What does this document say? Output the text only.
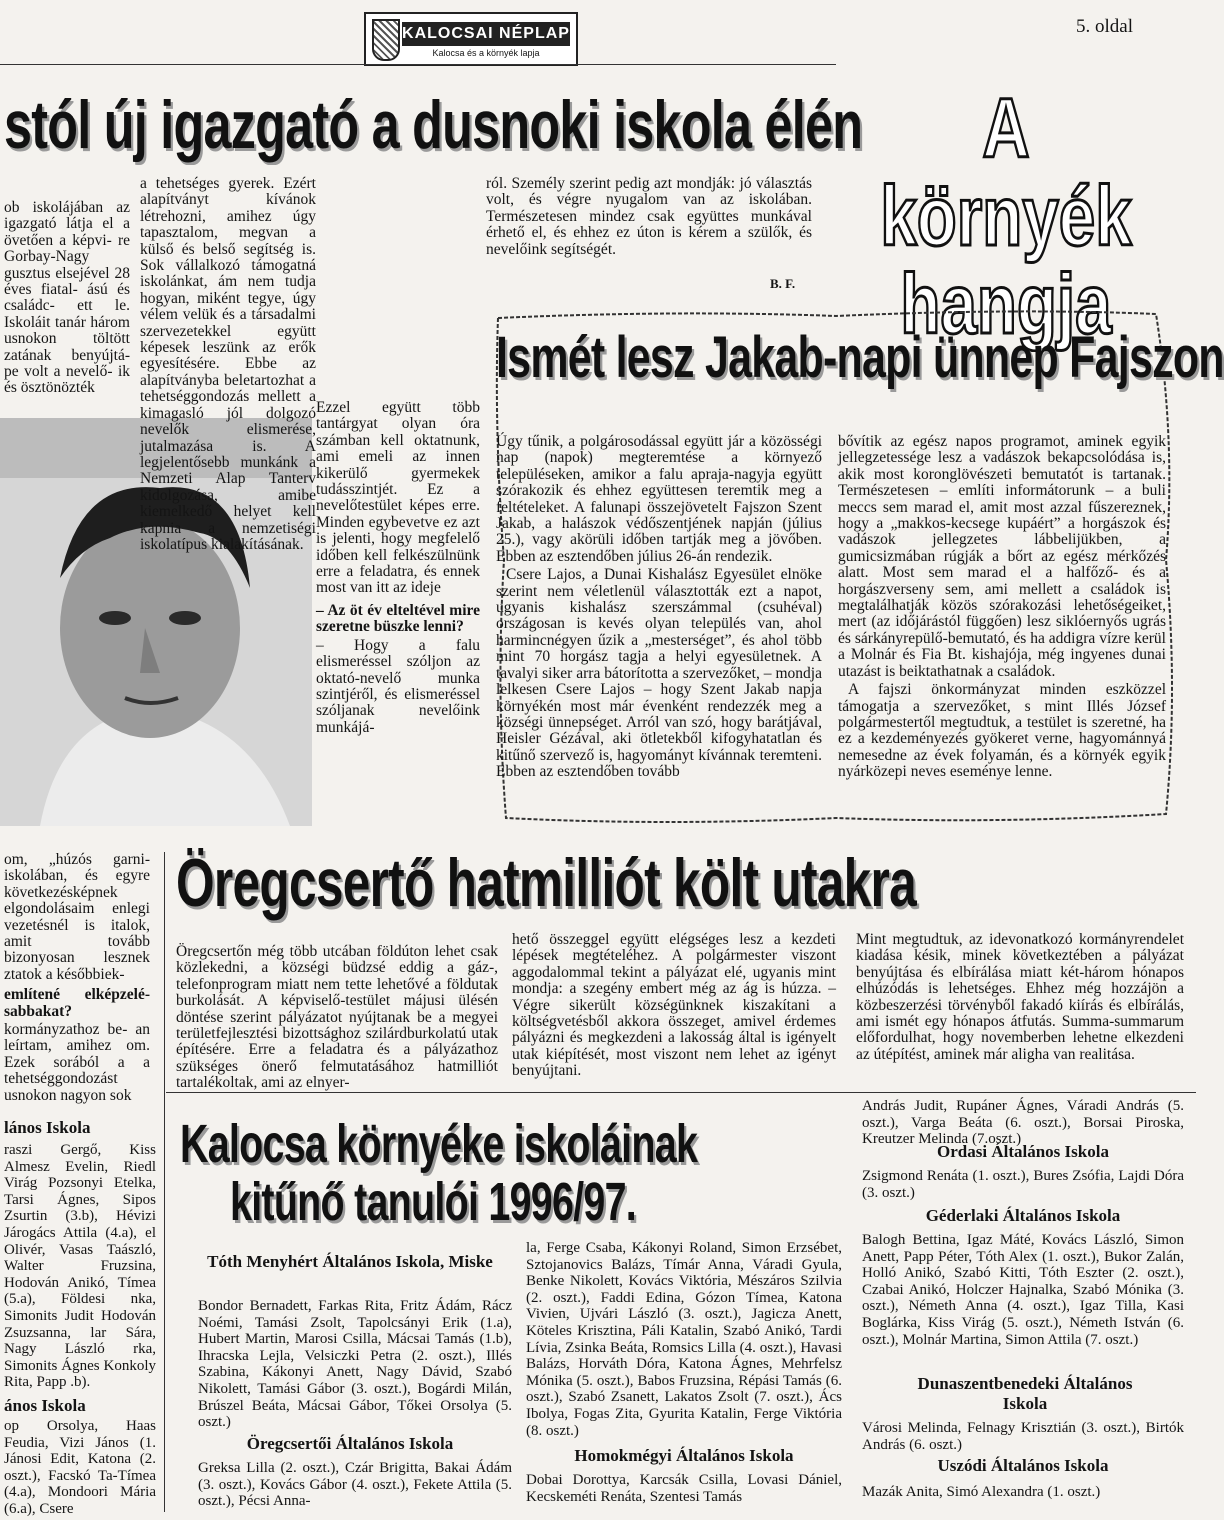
KALOCSAI NÉPLAP
Kalocsa és a környék lapja
5. oldal
stól új igazgató a dusnoki iskola élén	A környék hangja

ob iskolájában az igazgató látja el a övetően a képvi- re Gorbay-Nagy gusztus elsejével 28 éves fiatal- ású és családc- ett le. Iskoláit tanár három usnokon töltött zatának benyújtá- pe volt a nevelő- ik és ösztönözték

a tehetséges gyerek. Ezért alapítványt kívánok létrehozni, amihez úgy tapasztalom, megvan a külső és belső segítség is. Sok vállalkozó támogatná iskolánkat, ám nem tudja hogyan, miként tegye, úgy vélem velük és a társadalmi szervezetekkel együtt képesek leszünk az erők egyesítésére. Ebbe az alapítványba beletartozhat a tehetséggondozás mellett a kimagasló jól dolgozó nevelők elismerése, jutalmazása is. A legjelentősebb munkánk a Nemzeti Alap Tanterv kidolgozása, amibe kiemelkedő helyet kell kapnia a nemzetiségi iskolatípus kialakításának.

Ezzel együtt több tantárgyat olyan óra számban kell oktatnunk, ami emeli az innen kikerülő gyermekek tudásszintjét. Ez a nevelőtestület képes erre. Minden egybevetve ez azt is jelenti, hogy megfelelő időben kell felkészülnünk erre a feladatra, és ennek most van itt az ideje

– Az öt év elteltével mire szeretne büszke lenni?

– Hogy a falu elismeréssel szóljon az oktató-nevelő munka szintjéről, és elismeréssel szóljanak nevelőink munkájá-

ról. Személy szerint pedig azt mondják: jó választás volt, és végre nyugalom van az iskolában. Természetesen mindez csak együttes munkával érhető el, és ehhez ez úton is kérem a szülők, és nevelőink segítségét.

B. F.
Ismét lesz Jakab-napi ünnep Fajszon

Úgy tűnik, a polgárosodással együtt jár a közösségi nap (napok) megteremtése a környező településeken, amikor a falu apraja-nagyja együtt szórakozik és ehhez együttesen teremtik meg a feltételeket. A falunapi összejövetelt Fajszon Szent Jakab, a halászok védőszentjének napján (július 25.), vagy akörüli időben tartják meg a jövőben. Ebben az esztendőben július 26-án rendezik.

Csere Lajos, a Dunai Kishalász Egyesület elnöke szerint nem véletlenül választották ezt a napot, ugyanis kishalász szerszámmal (csuhéval) országosan is kevés olyan település van, ahol harmincnégyen űzik a „mesterséget”, és ahol több mint 70 horgász tagja a helyi egyesületnek. A tavalyi siker arra bátorította a szervezőket, – mondja lelkesen Csere Lajos – hogy Szent Jakab napja környékén most már évenként rendezzék meg a községi ünnepséget. Arról van szó, hogy barátjával, Heisler Gézával, aki ötletekből kifogyhatatlan és kitűnő szervező is, hagyományt kívánnak teremteni. Ebben az esztendőben tovább

bővítik az egész napos programot, aminek egyik jellegzetessége lesz a vadászok bekapcsolódása is, akik most koronglövészeti bemutatót is tartanak. Természetesen – említi informátorunk – a buli meccs sem marad el, amit most azzal fűszereznek, hogy a „makkos-kecsege kupáért” a horgászok és vadászok jellegzetes lábbelijükben, a gumicsizmában rúgják a bőrt az egész mérkőzés alatt. Most sem marad el a halfőző- és a horgászverseny sem, ami mellett a családok is megtalálhatják közös szórakozási lehetőségeiket, mert (az időjárástól függően) lesz siklóernyős ugrás és sárkányrepülő-bemutató, és ha addigra vízre kerül a Molnár és Fia Bt. kishajója, még ingyenes dunai utazást is beiktathatnak a családok.

A fajszi önkormányzat minden eszközzel támogatja a szervezőket, s mint Illés József polgármestertől megtudtuk, a testület is szeretné, ha ez a kezdeményezés gyökeret verne, hagyománnyá nemesedne az évek folyamán, és a környék egyik nyárközepi neves eseménye lenne.

om, „húzós garni- iskolában, és egyre következésképnek elgondolásaim enlegi vezetésnél is italok, amit tovább bizonyosan lesznek ztatok a későbbiek-

említené elképzelé- sabbakat?

kormányzathoz be- an leírtam, amihez om. Ezek sorából a a tehetséggondozást usnokon nagyon sok

Öregcsertő hatmilliót költ utakra

Öregcsertőn még több utcában földúton lehet csak közlekedni, a községi büdzsé eddig a gáz-, telefonprogram miatt nem tette lehetővé a földutak burkolását. A képviselő-testület májusi ülésén döntése szerint pályázatot nyújtanak be a megyei területfejlesztési bizottsághoz szilárdburkolatú utak építésére. Erre a feladatra és a pályázathoz szükséges önerő felmutatásához hatmilliót tartalékoltak, ami az elnyer-

hető összeggel együtt elégséges lesz a kezdeti lépések megtételéhez. A polgármester viszont aggodalommal tekint a pályázat elé, ugyanis mint mondja: a szegény embert még az ág is húzza. – Végre sikerült községünknek kiszakítani a költségvetésből akkora összeget, amivel érdemes pályázni és megkezdeni a lakosság által is igényelt utak kiépítését, most viszont nem lehet az igényt benyújtani.

Mint megtudtuk, az idevonatkozó kormányrendelet kiadása késik, minek következtében a pályázat benyújtása és elbírálása miatt két-három hónapos elhúzódás is lehetséges. Ehhez még hozzájön a közbeszerzési törvényből fakadó kiírás és elbírálás, ami ismét egy hónapos átfutás. Summa-summarum előfordulhat, hogy novemberben lehetne elkezdeni az útépítést, aminek már aligha van realitása.

Kalocsa környéke iskoláinak
kitűnő tanulói 1996/97.
lános Iskola
raszi Gergő, Kiss Almesz Evelin, Riedl Virág Pozsonyi Etelka, Tarsi Ágnes, Sipos Zsurtin (3.b), Hévizi Járogács Attila (4.a), el Olivér, Vasas Taászló, Walter Fruzsina, Hodován Anikó, Tímea (5.a), Földesi nka, Simonits Judit Hodován Zsuzsanna, lar Sára, Nagy László rka, Simonits Ágnes Konkoly Rita, Papp .b).
ános Iskola
op Orsolya, Haas Feudia, Vizi János (1. Jánosi Edit, Katona (2. oszt.), Facskó Ta-Tímea (4.a), Mondoori Mária (6.a), Csere
Tóth Menyhért Általános Iskola, Miske
Bondor Bernadett, Farkas Rita, Fritz Ádám, Rácz Noémi, Tamási Zsolt, Tapolcsányi Erik (1.a), Hubert Martin, Marosi Csilla, Mácsai Tamás (1.b), Ihracska Lejla, Velsiczki Petra (2. oszt.), Illés Szabina, Kákonyi Anett, Nagy Dávid, Szabó Nikolett, Tamási Gábor (3. oszt.), Bogárdi Milán, Brúszel Beáta, Mácsai Gábor, Tőkei Orsolya (5. oszt.)
Öregcsertői Általános Iskola
Greksa Lilla (2. oszt.), Czár Brigitta, Bakai Ádám (3. oszt.), Kovács Gábor (4. oszt.), Fekete Attila (5. oszt.), Pécsi Anna-
la, Ferge Csaba, Kákonyi Roland, Simon Erzsébet, Sztojanovics Balázs, Tímár Anna, Váradi Gyula, Benke Nikolett, Kovács Viktória, Mészáros Szilvia (2. oszt.), Faddi Edina, Gózon Tímea, Katona Vivien, Ujvári László (3. oszt.), Jagicza Anett, Köteles Krisztina, Páli Katalin, Szabó Anikó, Tardi Lívia, Zsinka Beáta, Romsics Lilla (4. oszt.), Havasi Balázs, Horváth Dóra, Katona Ágnes, Mehrfelsz Mónika (5. oszt.), Babos Fruzsina, Répási Tamás (6. oszt.), Szabó Zsanett, Lakatos Zsolt (7. oszt.), Ács Ibolya, Fogas Zita, Gyurita Katalin, Ferge Viktória (8. oszt.)
Homokmégyi Általános Iskola
Dobai Dorottya, Karcsák Csilla, Lovasi Dániel, Kecskeméti Renáta, Szentesi Tamás
András Judit, Rupáner Ágnes, Váradi András (5. oszt.), Varga Beáta (6. oszt.), Borsai Piroska, Kreutzer Melinda (7.oszt.)
Ordasi Általános Iskola
Zsigmond Renáta (1. oszt.), Bures Zsófia, Lajdi Dóra (3. oszt.)
Géderlaki Általános Iskola
Balogh Bettina, Igaz Máté, Kovács László, Simon Anett, Papp Péter, Tóth Alex (1. oszt.), Bukor Zalán, Holló Anikó, Szabó Kitti, Tóth Eszter (2. oszt.), Czabai Anikó, Holczer Hajnalka, Szabó Mónika (3. oszt.), Németh Anna (4. oszt.), Igaz Tilla, Kasi Boglárka, Kiss Virág (5. oszt.), Németh István (6. oszt.), Molnár Martina, Simon Attila (7. oszt.)
Dunaszentbenedeki Általános Iskola
Városi Melinda, Felnagy Krisztián (3. oszt.), Birtók András (6. oszt.)
Uszódi Általános Iskola
Mazák Anita, Simó Alexandra (1. oszt.)
